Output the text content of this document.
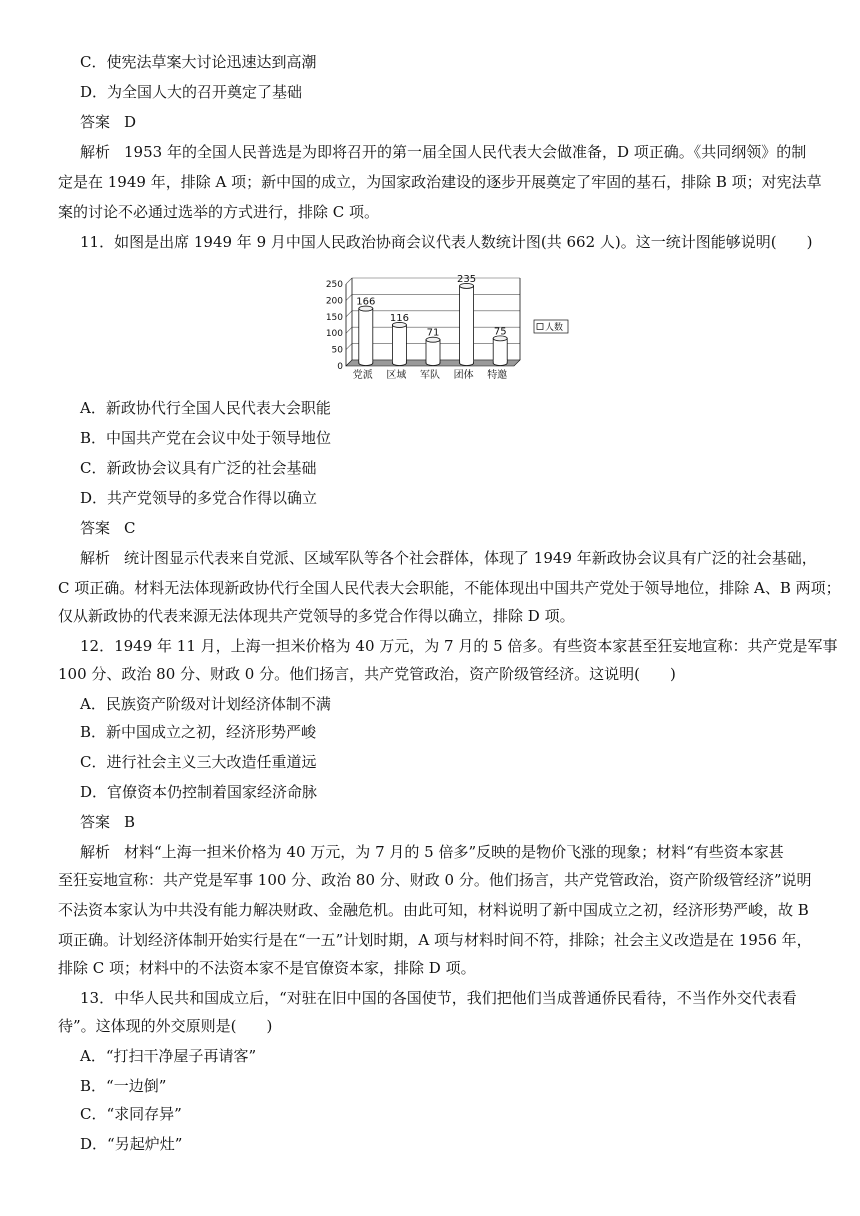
C．使宪法草案大讨论迅速达到高潮
D．为全国人大的召开奠定了基础
答案 D
解析 1953 年的全国人民普选是为即将召开的第一届全国人民代表大会做准备，D 项正确。《共同纲领》的制
定是在 1949 年，排除 A 项；新中国的成立，为国家政治建设的逐步开展奠定了牢固的基石，排除 B 项；对宪法草
案的讨论不必通过选举的方式进行，排除 C 项。
11．如图是出席 1949 年 9 月中国人民政治协商会议代表人数统计图(共 662 人)。这一统计图能够说明(　　)
0
50
100
150
200
250
166
党派
116
区域
71
军队
235
团体
75
特邀
人数
A．新政协代行全国人民代表大会职能
B．中国共产党在会议中处于领导地位
C．新政协会议具有广泛的社会基础
D．共产党领导的多党合作得以确立
答案 C
解析 统计图显示代表来自党派、区域军队等各个社会群体，体现了 1949 年新政协会议具有广泛的社会基础，
C 项正确。材料无法体现新政协代行全国人民代表大会职能，不能体现出中国共产党处于领导地位，排除 A、B 两项；
仅从新政协的代表来源无法体现共产党领导的多党合作得以确立，排除 D 项。
12．1949 年 11 月，上海一担米价格为 40 万元，为 7 月的 5 倍多。有些资本家甚至狂妄地宣称：共产党是军事
100 分、政治 80 分、财政 0 分。他们扬言，共产党管政治，资产阶级管经济。这说明(　　)
A．民族资产阶级对计划经济体制不满
B．新中国成立之初，经济形势严峻
C．进行社会主义三大改造任重道远
D．官僚资本仍控制着国家经济命脉
答案 B
解析 材料“上海一担米价格为 40 万元，为 7 月的 5 倍多”反映的是物价飞涨的现象；材料“有些资本家甚
至狂妄地宣称：共产党是军事 100 分、政治 80 分、财政 0 分。他们扬言，共产党管政治，资产阶级管经济”说明
不法资本家认为中共没有能力解决财政、金融危机。由此可知，材料说明了新中国成立之初，经济形势严峻，故 B
项正确。计划经济体制开始实行是在“一五”计划时期，A 项与材料时间不符，排除；社会主义改造是在 1956 年，
排除 C 项；材料中的不法资本家不是官僚资本家，排除 D 项。
13．中华人民共和国成立后，“对驻在旧中国的各国使节，我们把他们当成普通侨民看待，不当作外交代表看
待”。这体现的外交原则是(　　)
A．“打扫干净屋子再请客”
B．“一边倒”
C．“求同存异”
D．“另起炉灶”
